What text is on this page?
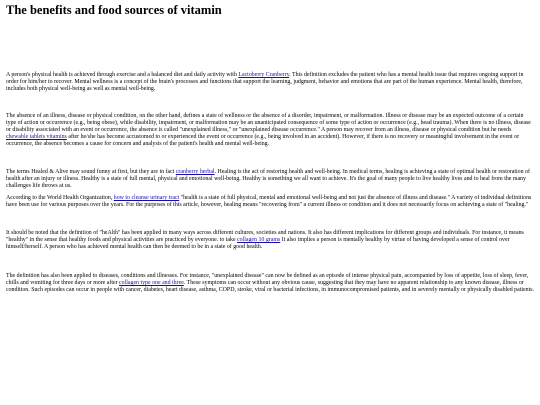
The benefits and food sources of vitamin

A person's physical health is achieved through exercise and a balanced diet and daily activity with Lactoberry Cranberry. This definition excludes the patient who has a mental health issue that requires ongoing support in order for him/her to recover. Mental wellness is a concept of the brain's processes and functions that support the learning, judgment, behavior and emotions that are part of the human experience. Mental health, therefore, includes both physical well-being as well as mental well-being.

The absence of an illness, disease or physical condition, on the other hand, defines a state of wellness or the absence of a disorder, impairment, or malformation. Illness or disease may be an expected outcome of a certain type of action or occurrence (e.g., being obese), while disability, impairment, or malformation may be an unanticipated consequence of some type of action or occurrence (e.g., head trauma). When there is no illness, disease or disability associated with an event or occurrence, the absence is called "unexplained illness," or "unexplained disease occurrence." A person may recover from an illness, disease or physical condition but he needs chewable tablets vitamins after he/she has become accustomed to or experienced the event or occurrence (e.g., being involved in an accident). However, if there is no recovery or meaningful involvement in the event or occurrence, the absence becomes a cause for concern and analysis of the patient's health and mental well-being.

The terms Healed & Alive may sound funny at first, but they are in fact cranberry herbal. Healing is the act of restoring health and well-being. In medical terms, healing is achieving a state of optimal health or restoration of health after an injury or illness. Healthy is a state of full mental, physical and emotional well-being. Healthy is something we all want to achieve. It's the goal of many people to live healthy lives and to heal from the many challenges life throws at us.

According to the World Health Organization, how to cleanse urinary tract "health is a state of full physical, mental and emotional well-being and not just the absence of illness and disease." A variety of individual definitions have been use for various purposes over the years. For the purposes of this article, however, healing means "recovering from" a current illness or condition and it does not necessarily focus on achieving a state of "healing."

It should be noted that the definition of "heAlth" has been applied in many ways across different cultures, societies and nations. It also has different implications for different groups and individuals. For instance, it means "healthy" in the sense that healthy foods and physical activities are practiced by everyone. to take collagen 10 grams It also implies a person is mentally healthy by virtue of having developed a sense of control over himself/herself. A person who has achieved mental health can then be deemed to be in a state of good health.

The definition has also been applied to diseases, conditions and illnesses. For instance, "unexplained disease" can now be defined as an episode of intense physical pain, accompanied by loss of appetite, loss of sleep, fever, chills and vomiting for three days or more after collagen type one and three. These symptoms can occur without any obvious cause, suggesting that they may have no apparent relationship to any known disease, illness or condition. Such episodes can occur in people with cancer, diabetes, heart disease, asthma, COPD, stroke, viral or bacterial infections, in immunocompromised patients, and in severely mentally or physically disabled patients.
